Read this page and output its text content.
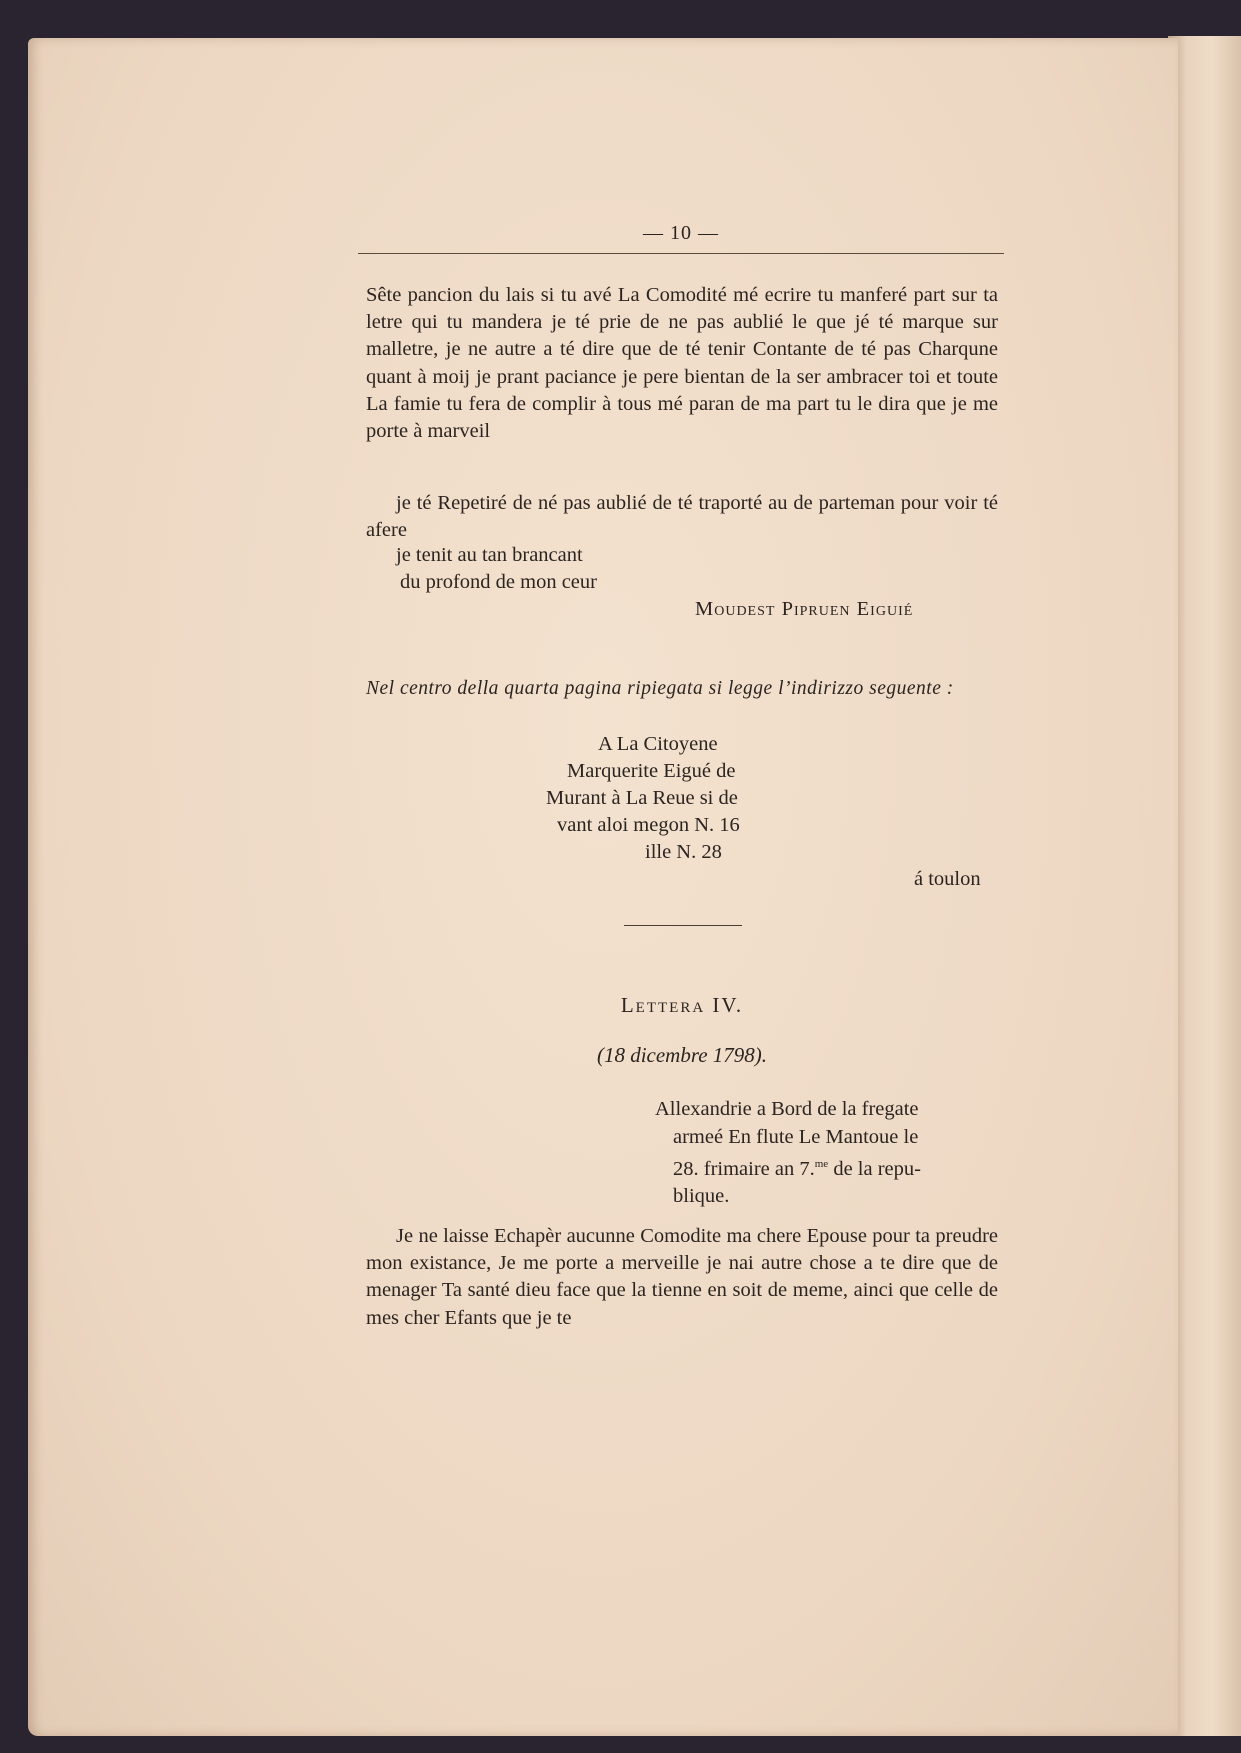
— 10 —

Sête pancion du lais si tu avé La Comodité mé ecrire tu manferé part sur ta letre qui tu mandera je té prie de ne pas aublié le que jé té marque sur malletre, je ne autre a té dire que de té tenir Contante de té pas Charqune quant à moij je prant paciance je pere bientan de la ser ambracer toi et toute La famie tu fera de complir à tous mé paran de ma part tu le dira que je me porte à marveil

je té Repetiré de né pas aublié de té traporté au de parteman pour voir té afere

je tenit au tan brancant
du profond de mon ceur
Moudest Pipruen Eiguié
Nel centro della quarta pagina ripiegata si legge l’indirizzo seguente :
A La Citoyene
Marquerite Eigué de
Murant à La Reue si de
vant aloi megon N. 16
ille N. 28
á toulon
Lettera IV.
(18 dicembre 1798).
Allexandrie a Bord de la fregate
armeé En flute Le Mantoue le
28. frimaire an 7.$^{me}$ de la repu-
blique.

Je ne laisse Echapèr aucunne Comodite ma chere Epouse pour ta preudre mon existance, Je me porte a merveille je nai autre chose a te dire que de menager Ta santé dieu face que la tienne en soit de meme, ainci que celle de mes cher Efants que je te
